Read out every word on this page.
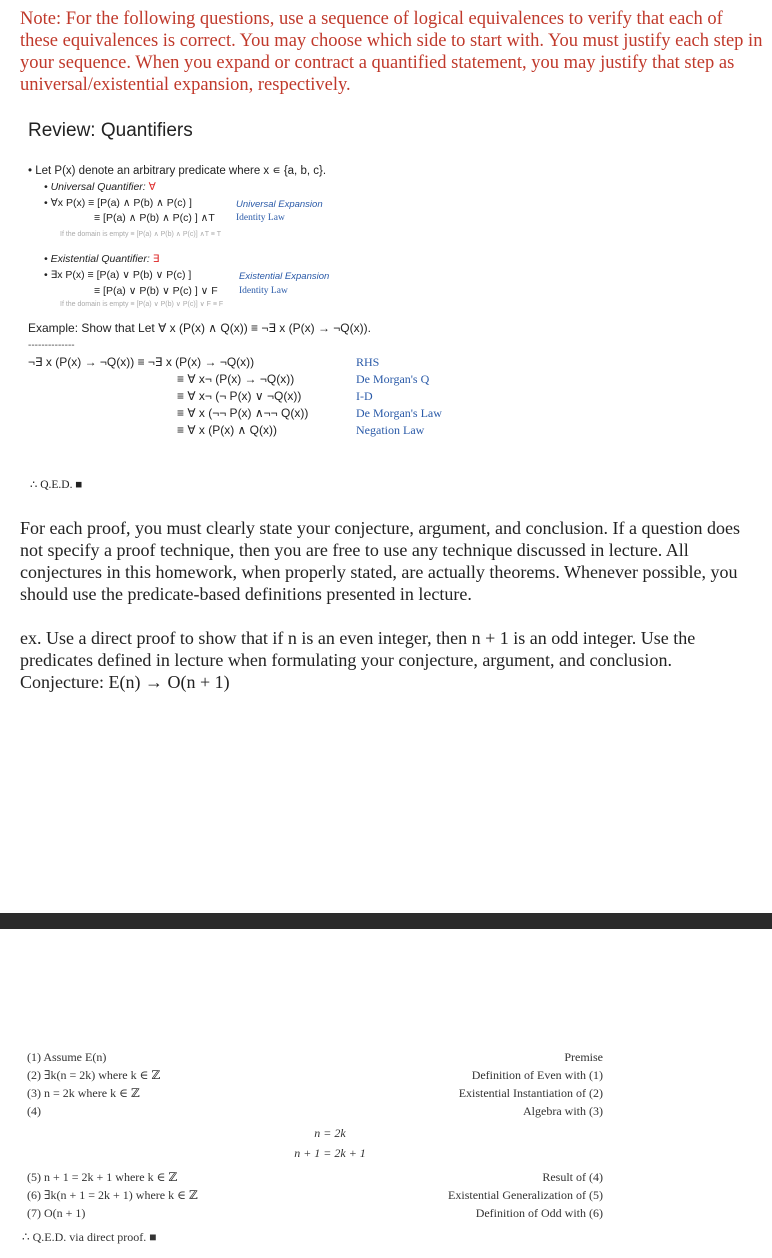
Note: For the following questions, use a sequence of logical equivalences to verify that each of these equivalences is correct. You may choose which side to start with. You must justify each step in your sequence. When you expand or contract a quantified statement, you may justify that step as universal/existential expansion, respectively.
Review: Quantifiers
• Let P(x) denote an arbitrary predicate where x ∊ {a, b, c}.
• Universal Quantifier: ∀
• ∀x P(x) ≡ [P(a) ∧ P(b) ∧ P(c) ]	Universal Expansion
≡ [P(a) ∧ P(b) ∧ P(c) ] ∧T Identity Law
If the domain is empty ≡ [P(a) ∧ P(b) ∧ P(c)] ∧T ≡ T
• Existential Quantifier: ∃
• ∃x P(x) ≡ [P(a) ∨ P(b) ∨ P(c) ]	Existential Expansion
≡ [P(a) ∨ P(b) ∨ P(c) ] ∨ F Identity Law
If the domain is empty ≡ [P(a) ∨ P(b) ∨ P(c)] ∨ F ≡ F
Example: Show that Let ∀ x (P(x) ∧ Q(x)) ≡ ¬∃ x (P(x) → ¬Q(x)).
--------------
¬∃ x (P(x) → ¬Q(x)) ≡ ¬∃ x (P(x) → ¬Q(x))	RHS
≡ ∀ x¬ (P(x) → ¬Q(x))	De Morgan's Q
≡ ∀ x¬ (¬ P(x) ∨ ¬Q(x))	I-D
≡ ∀ x (¬¬ P(x) ∧¬¬ Q(x))	De Morgan's Law
≡ ∀ x (P(x) ∧ Q(x))	Negation Law
∴ Q.E.D. ■
For each proof, you must clearly state your conjecture, argument, and conclusion. If a question does not specify a proof technique, then you are free to use any technique discussed in lecture. All conjectures in this homework, when properly stated, are actually theorems. Whenever possible, you should use the predicate-based definitions presented in lecture.
ex. Use a direct proof to show that if n is an even integer, then n + 1 is an odd integer. Use the predicates defined in lecture when formulating your conjecture, argument, and conclusion.
Conjecture: E(n) → O(n + 1)
(1) Assume E(n)	Premise
(2) ∃k(n = 2k) where k ∈ ℤ	Definition of Even with (1)
(3) n = 2k where k ∈ ℤ	Existential Instantiation of (2)
(4)	Algebra with (3)
n = 2k
n + 1 = 2k + 1
(5) n + 1 = 2k + 1 where k ∈ ℤ	Result of (4)
(6) ∃k(n + 1 = 2k + 1) where k ∈ ℤ	Existential Generalization of (5)
(7) O(n + 1)	Definition of Odd with (6)
∴ Q.E.D. via direct proof. ■
